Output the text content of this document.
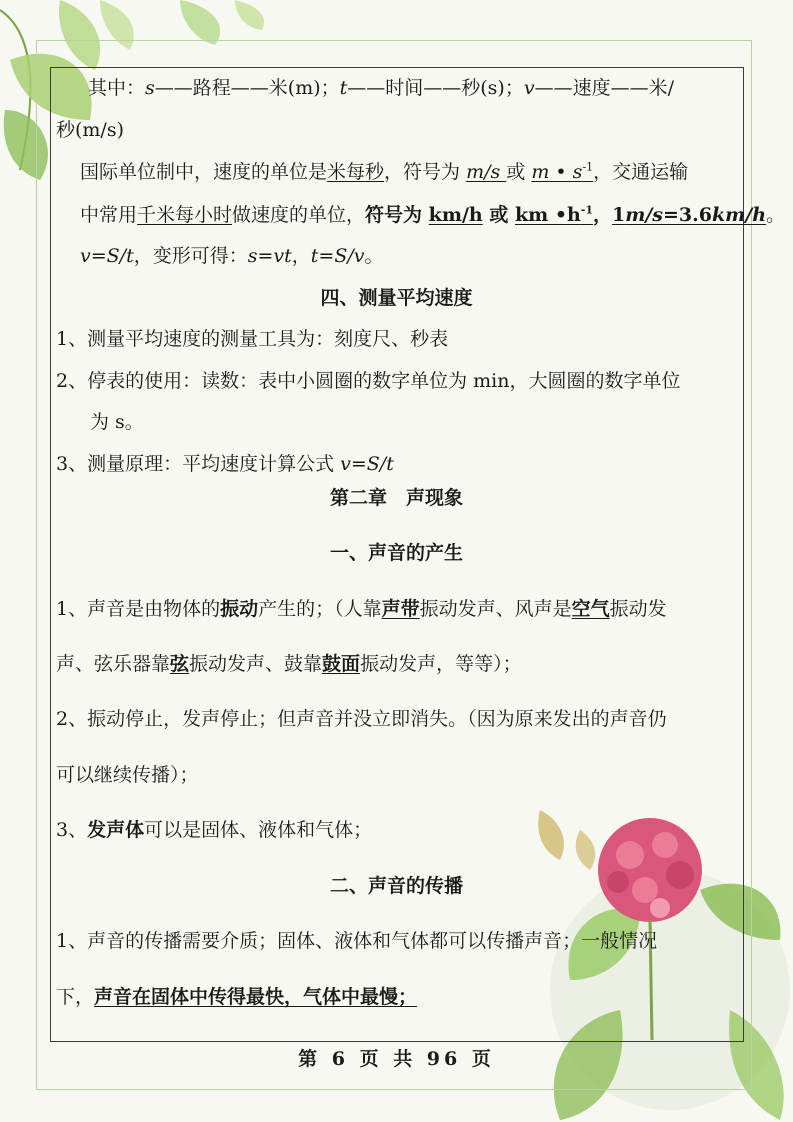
其中：s——路程——米(m)；t——时间——秒(s)；v——速度——米/
秒(m/s)
国际单位制中，速度的单位是米每秒，符号为 m/s 或 m • $s^{-1}$，交通运输
中常用千米每小时做速度的单位，符号为 km/h 或 km $•h^{-1}$，1m/s=3.6km/h。
v=S/t，变形可得：s=vt，t=S/v。
四、测量平均速度
1、测量平均速度的测量工具为：刻度尺、秒表
2、停表的使用：读数：表中小圆圈的数字单位为 min，大圆圈的数字单位
为 s。
3、测量原理：平均速度计算公式 v=S/t
第二章　声现象
一、声音的产生
1、声音是由物体的振动产生的；（人靠声带振动发声、风声是空气振动发
声、弦乐器靠弦振动发声、鼓靠鼓面振动发声，等等）；
2、振动停止，发声停止；但声音并没立即消失。（因为原来发出的声音仍
可以继续传播）；
3、发声体可以是固体、液体和气体；
二、声音的传播
1、声音的传播需要介质；固体、液体和气体都可以传播声音；一般情况
下，声音在固体中传得最快，气体中最慢；
第 6 页 共 96 页
